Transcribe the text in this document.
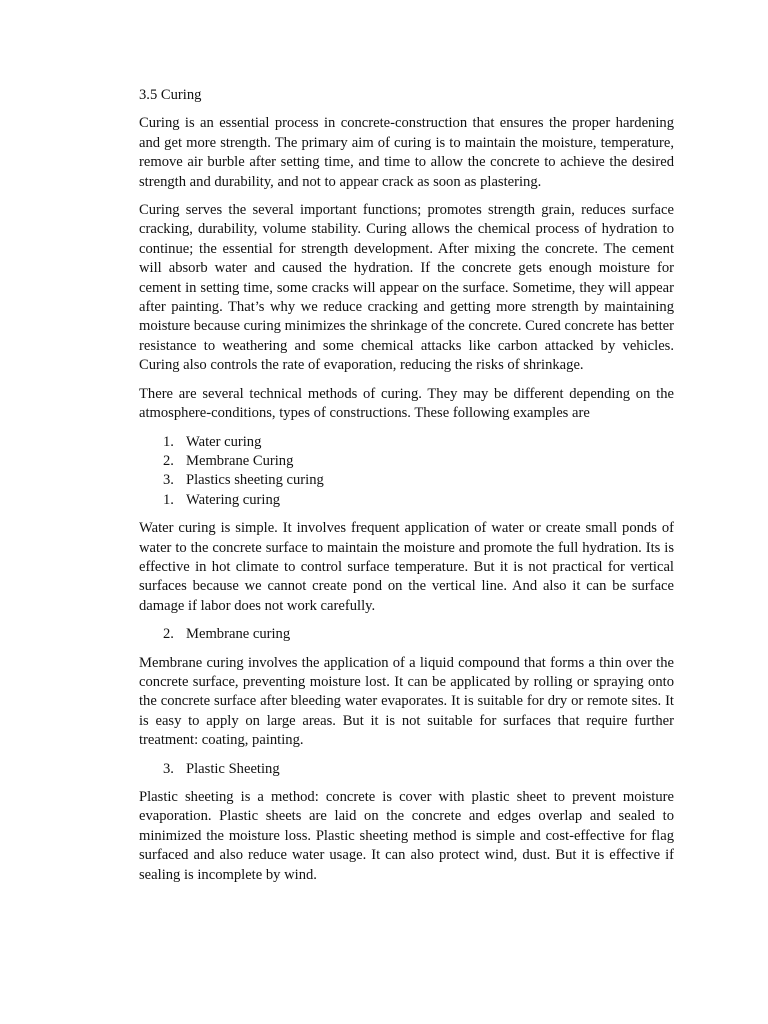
3.5 Curing

Curing is an essential process in concrete-construction that ensures the proper hardening and get more strength. The primary aim of curing is to maintain the moisture, temperature, remove air burble after setting time, and time to allow the concrete to achieve the desired strength and durability, and not to appear crack as soon as plastering.

Curing serves the several important functions; promotes strength grain, reduces surface cracking, durability, volume stability. Curing allows the chemical process of hydration to continue; the essential for strength development. After mixing the concrete. The cement will absorb water and caused the hydration. If the concrete gets enough moisture for cement in setting time, some cracks will appear on the surface. Sometime, they will appear after painting. That’s why we reduce cracking and getting more strength by maintaining moisture because curing minimizes the shrinkage of the concrete. Cured concrete has better resistance to weathering and some chemical attacks like carbon attacked by vehicles. Curing also controls the rate of evaporation, reducing the risks of shrinkage.

There are several technical methods of curing. They may be different depending on the atmosphere-conditions, types of constructions. These following examples are

1. Water curing
2. Membrane Curing
3. Plastics sheeting curing
1. Watering curing

Water curing is simple. It involves frequent application of water or create small ponds of water to the concrete surface to maintain the moisture and promote the full hydration. Its is effective in hot climate to control surface temperature. But it is not practical for vertical surfaces because we cannot create pond on the vertical line. And also it can be surface damage if labor does not work carefully.

2. Membrane curing

Membrane curing involves the application of a liquid compound that forms a thin over the concrete surface, preventing moisture lost. It can be applicated by rolling or spraying onto the concrete surface after bleeding water evaporates. It is suitable for dry or remote sites. It is easy to apply on large areas. But it is not suitable for surfaces that require further treatment: coating, painting.

3. Plastic Sheeting

Plastic sheeting is a method: concrete is cover with plastic sheet to prevent moisture evaporation. Plastic sheets are laid on the concrete and edges overlap and sealed to minimized the moisture loss. Plastic sheeting method is simple and cost-effective for flag surfaced and also reduce water usage. It can also protect wind, dust. But it is effective if sealing is incomplete by wind.
